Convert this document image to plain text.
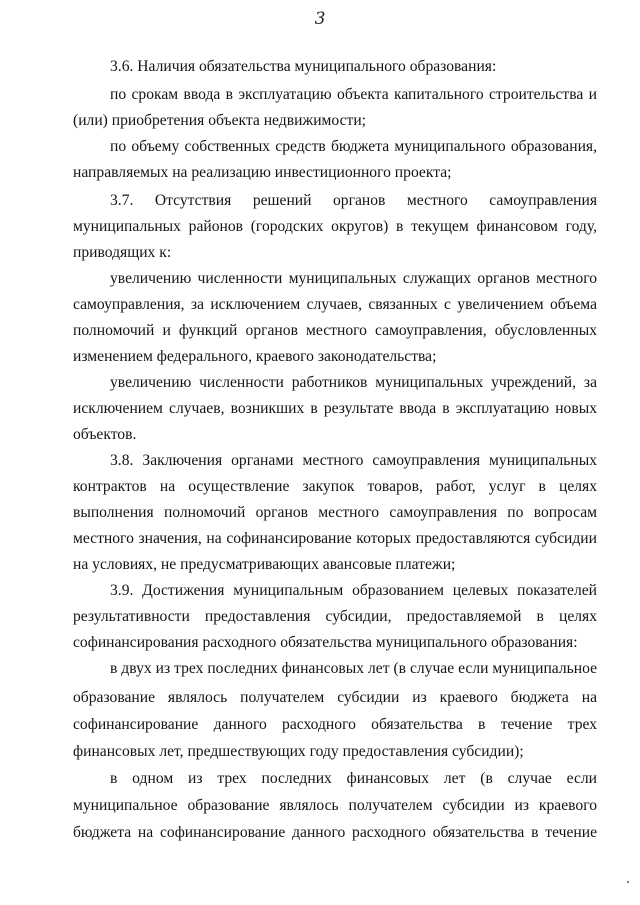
3
3.6. Наличия обязательства муниципального образования:
по срокам ввода в эксплуатацию объекта капитального строительства и
(или) приобретения объекта недвижимости;
по объему собственных средств бюджета муниципального образования,
направляемых на реализацию инвестиционного проекта;
3.7. Отсутствия решений органов местного самоуправления
муниципальных районов (городских округов) в текущем финансовом году,
приводящих к:
увеличению численности муниципальных служащих органов местного
самоуправления, за исключением случаев, связанных с увеличением объема
полномочий и функций органов местного самоуправления, обусловленных
изменением федерального, краевого законодательства;
увеличению численности работников муниципальных учреждений, за
исключением случаев, возникших в результате ввода в эксплуатацию новых
объектов.
3.8. Заключения органами местного самоуправления муниципальных
контрактов на осуществление закупок товаров, работ, услуг в целях
выполнения полномочий органов местного самоуправления по вопросам
местного значения, на софинансирование которых предоставляются субсидии
на условиях, не предусматривающих авансовые платежи;
3.9. Достижения муниципальным образованием целевых показателей
результативности предоставления субсидии, предоставляемой в целях
софинансирования расходного обязательства муниципального образования:
в двух из трех последних финансовых лет (в случае если муниципальное
образование являлось получателем субсидии из краевого бюджета на
софинансирование данного расходного обязательства в течение трех
финансовых лет, предшествующих году предоставления субсидии);
в одном из трех последних финансовых лет (в случае если
муниципальное образование являлось получателем субсидии из краевого
бюджета на софинансирование данного расходного обязательства в течение
